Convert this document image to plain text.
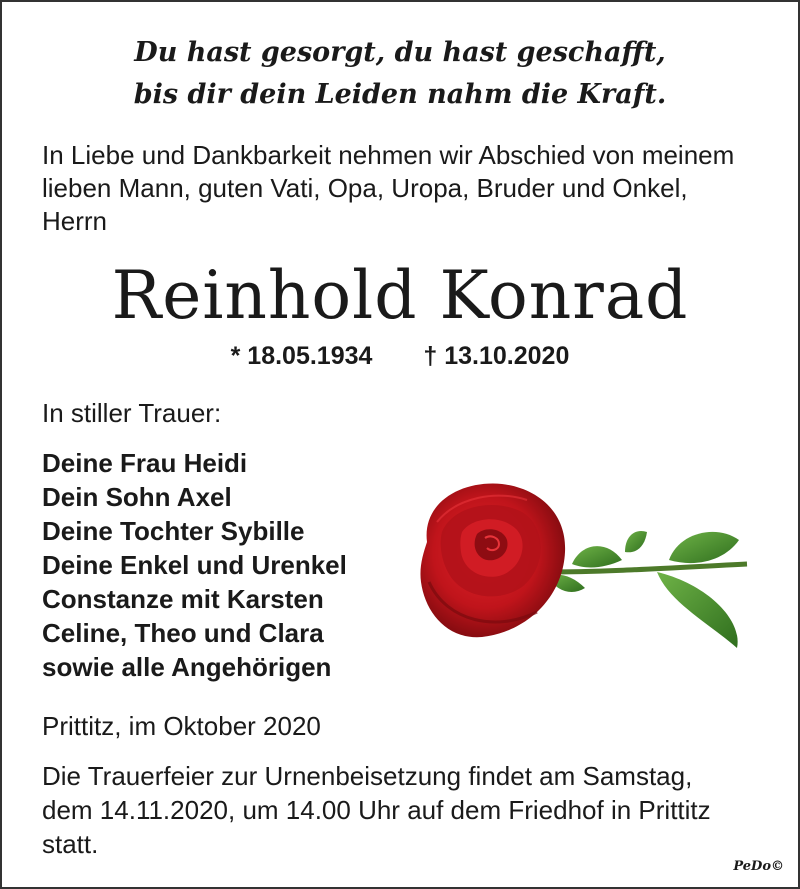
Du hast gesorgt, du hast geschafft,
bis dir dein Leiden nahm die Kraft.
In Liebe und Dankbarkeit nehmen wir Abschied von meinem
lieben Mann, guten Vati, Opa, Uropa, Bruder und Onkel,
Herrn
Reinhold Konrad
* 18.05.1934 † 13.10.2020
In stiller Trauer:
Deine Frau Heidi
Dein Sohn Axel
Deine Tochter Sybille
Deine Enkel und Urenkel
Constanze mit Karsten
Celine, Theo und Clara
sowie alle Angehörigen
Prittitz, im Oktober 2020
Die Trauerfeier zur Urnenbeisetzung findet am Samstag,
dem 14.11.2020, um 14.00 Uhr auf dem Friedhof in Prittitz
statt.
PeDo©
